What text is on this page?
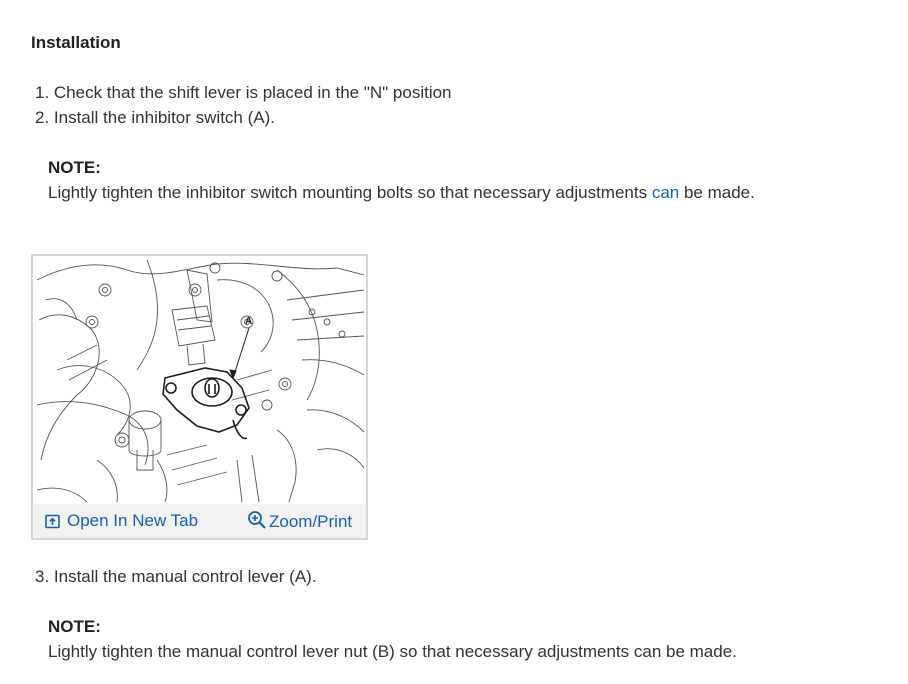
Installation
1. Check that the shift lever is placed in the "N" position
2. Install the inhibitor switch (A).
NOTE:
Lightly tighten the inhibitor switch mounting bolts so that necessary adjustments can be made.
A
Open In New Tab	Zoom/Print
3. Install the manual control lever (A).
NOTE:
Lightly tighten the manual control lever nut (B) so that necessary adjustments can be made.
